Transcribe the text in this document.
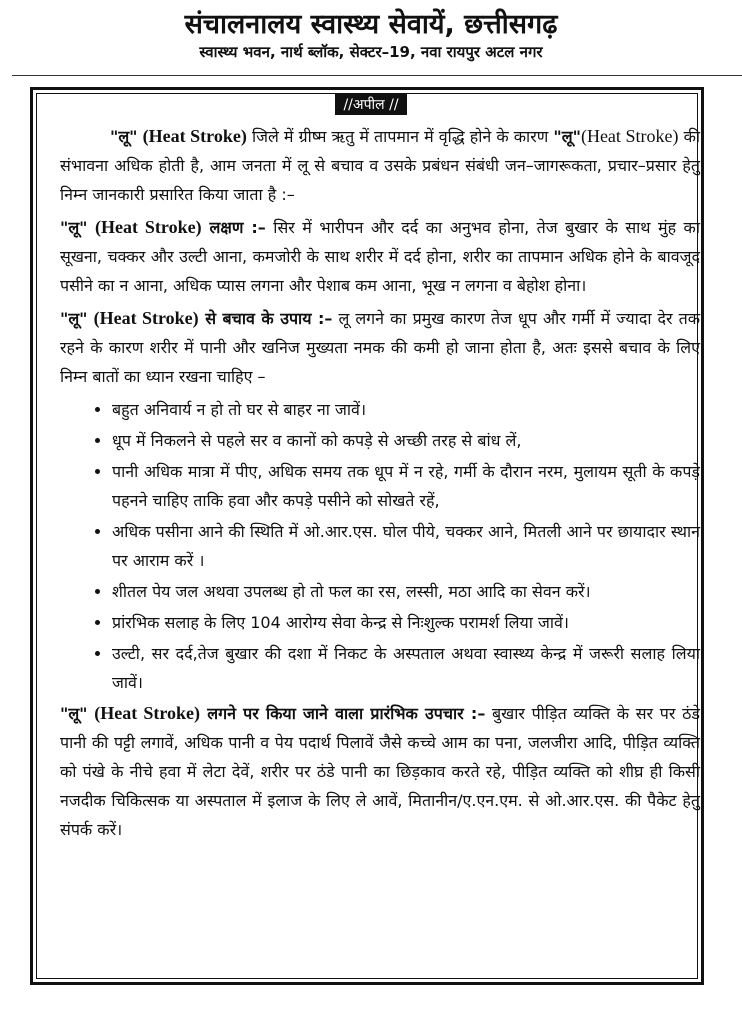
संचालनालय स्वास्थ्य सेवायें, छत्तीसगढ़
स्वास्थ्य भवन, नार्थ ब्लॉक, सेक्टर–19, नवा रायपुर अटल नगर
//अपील //

"लू" (Heat Stroke) जिले में ग्रीष्म ऋतु में तापमान में वृद्धि होने के कारण "लू"(Heat Stroke) की संभावना अधिक होती है, आम जनता में लू से बचाव व उसके प्रबंधन संबंधी जन–जागरूकता, प्रचार–प्रसार हेतु निम्न जानकारी प्रसारित किया जाता है :–

"लू" (Heat Stroke) लक्षण :– सिर में भारीपन और दर्द का अनुभव होना, तेज बुखार के साथ मुंह का सूखना, चक्कर और उल्टी आना, कमजोरी के साथ शरीर में दर्द होना, शरीर का तापमान अधिक होने के बावजूद पसीने का न आना, अधिक प्यास लगना और पेशाब कम आना, भूख न लगना व बेहोश होना।

"लू" (Heat Stroke) से बचाव के उपाय :– लू लगने का प्रमुख कारण तेज धूप और गर्मी में ज्यादा देर तक रहने के कारण शरीर में पानी और खनिज मुख्यता नमक की कमी हो जाना होता है, अतः इससे बचाव के लिए निम्न बातों का ध्यान रखना चाहिए –

• बहुत अनिवार्य न हो तो घर से बाहर ना जावें।
• धूप में निकलने से पहले सर व कानों को कपड़े से अच्छी तरह से बांध लें,
• पानी अधिक मात्रा में पीए, अधिक समय तक धूप में न रहे, गर्मी के दौरान नरम, मुलायम सूती के कपड़े पहनने चाहिए ताकि हवा और कपड़े पसीने को सोखते रहें,
• अधिक पसीना आने की स्थिति में ओ.आर.एस. घोल पीये, चक्कर आने, मितली आने पर छायादार स्थान पर आराम करें ।
• शीतल पेय जल अथवा उपलब्ध हो तो फल का रस, लस्सी, मठा आदि का सेवन करें।
• प्रांरभिक सलाह के लिए 104 आरोग्य सेवा केन्द्र से निःशुल्क परामर्श लिया जावें।
• उल्टी, सर दर्द,तेज बुखार की दशा में निकट के अस्पताल अथवा स्वास्थ्य केन्द्र में जरूरी सलाह लिया जावें।

"लू" (Heat Stroke) लगने पर किया जाने वाला प्रारंभिक उपचार :– बुखार पीड़ित व्यक्ति के सर पर ठंडे पानी की पट्टी लगावें, अधिक पानी व पेय पदार्थ पिलावें जैसे कच्चे आम का पना, जलजीरा आदि, पीड़ित व्यक्ति को पंखे के नीचे हवा में लेटा देवें, शरीर पर ठंडे पानी का छिड़काव करते रहे, पीड़ित व्यक्ति को शीघ्र ही किसी नजदीक चिकित्सक या अस्पताल में इलाज के लिए ले आवें, मितानीन/ए.एन.एम. से ओ.आर.एस. की पैकेट हेतु संपर्क करें।
